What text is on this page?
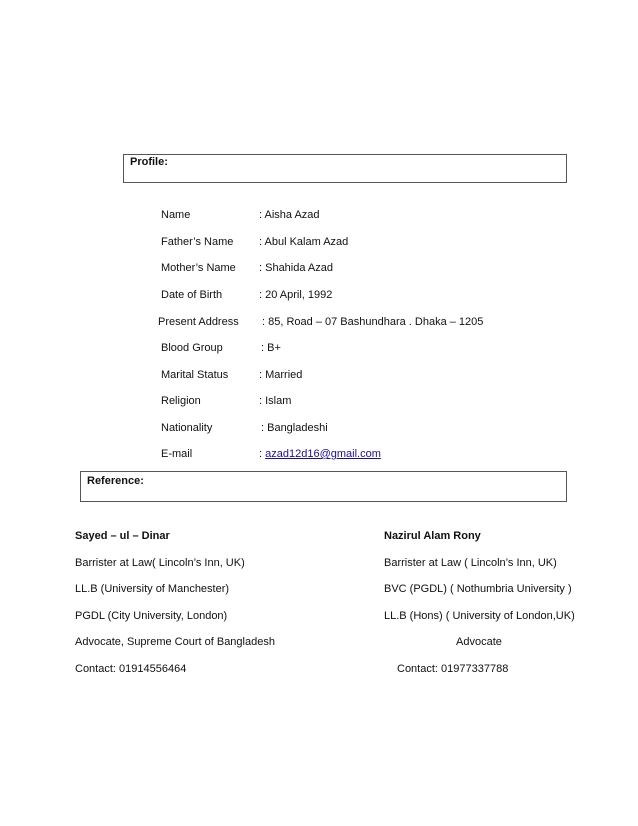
Profile:
Name	: Aisha Azad
Father’s Name : Abul Kalam Azad
Mother’s Name : Shahida Azad
Date of Birth	: 20 April, 1992
Present Address : 85, Road – 07 Bashundhara . Dhaka – 1205
Blood Group	: B+
Marital Status	: Married
Religion	: Islam
Nationality	: Bangladeshi
E-mail	: azad12d16@gmail.com
Reference:
Sayed – ul – Dinar
Barrister at Law( Lincoln’s Inn, UK)
LL.B (University of Manchester)
PGDL (City University, London)
Advocate, Supreme Court of Bangladesh
Contact: 01914556464
Nazirul Alam Rony
Barrister at Law ( Lincoln’s Inn, UK)
BVC (PGDL) ( Nothumbria University )
LL.B (Hons) ( University of London,UK)
Advocate
Contact: 01977337788
